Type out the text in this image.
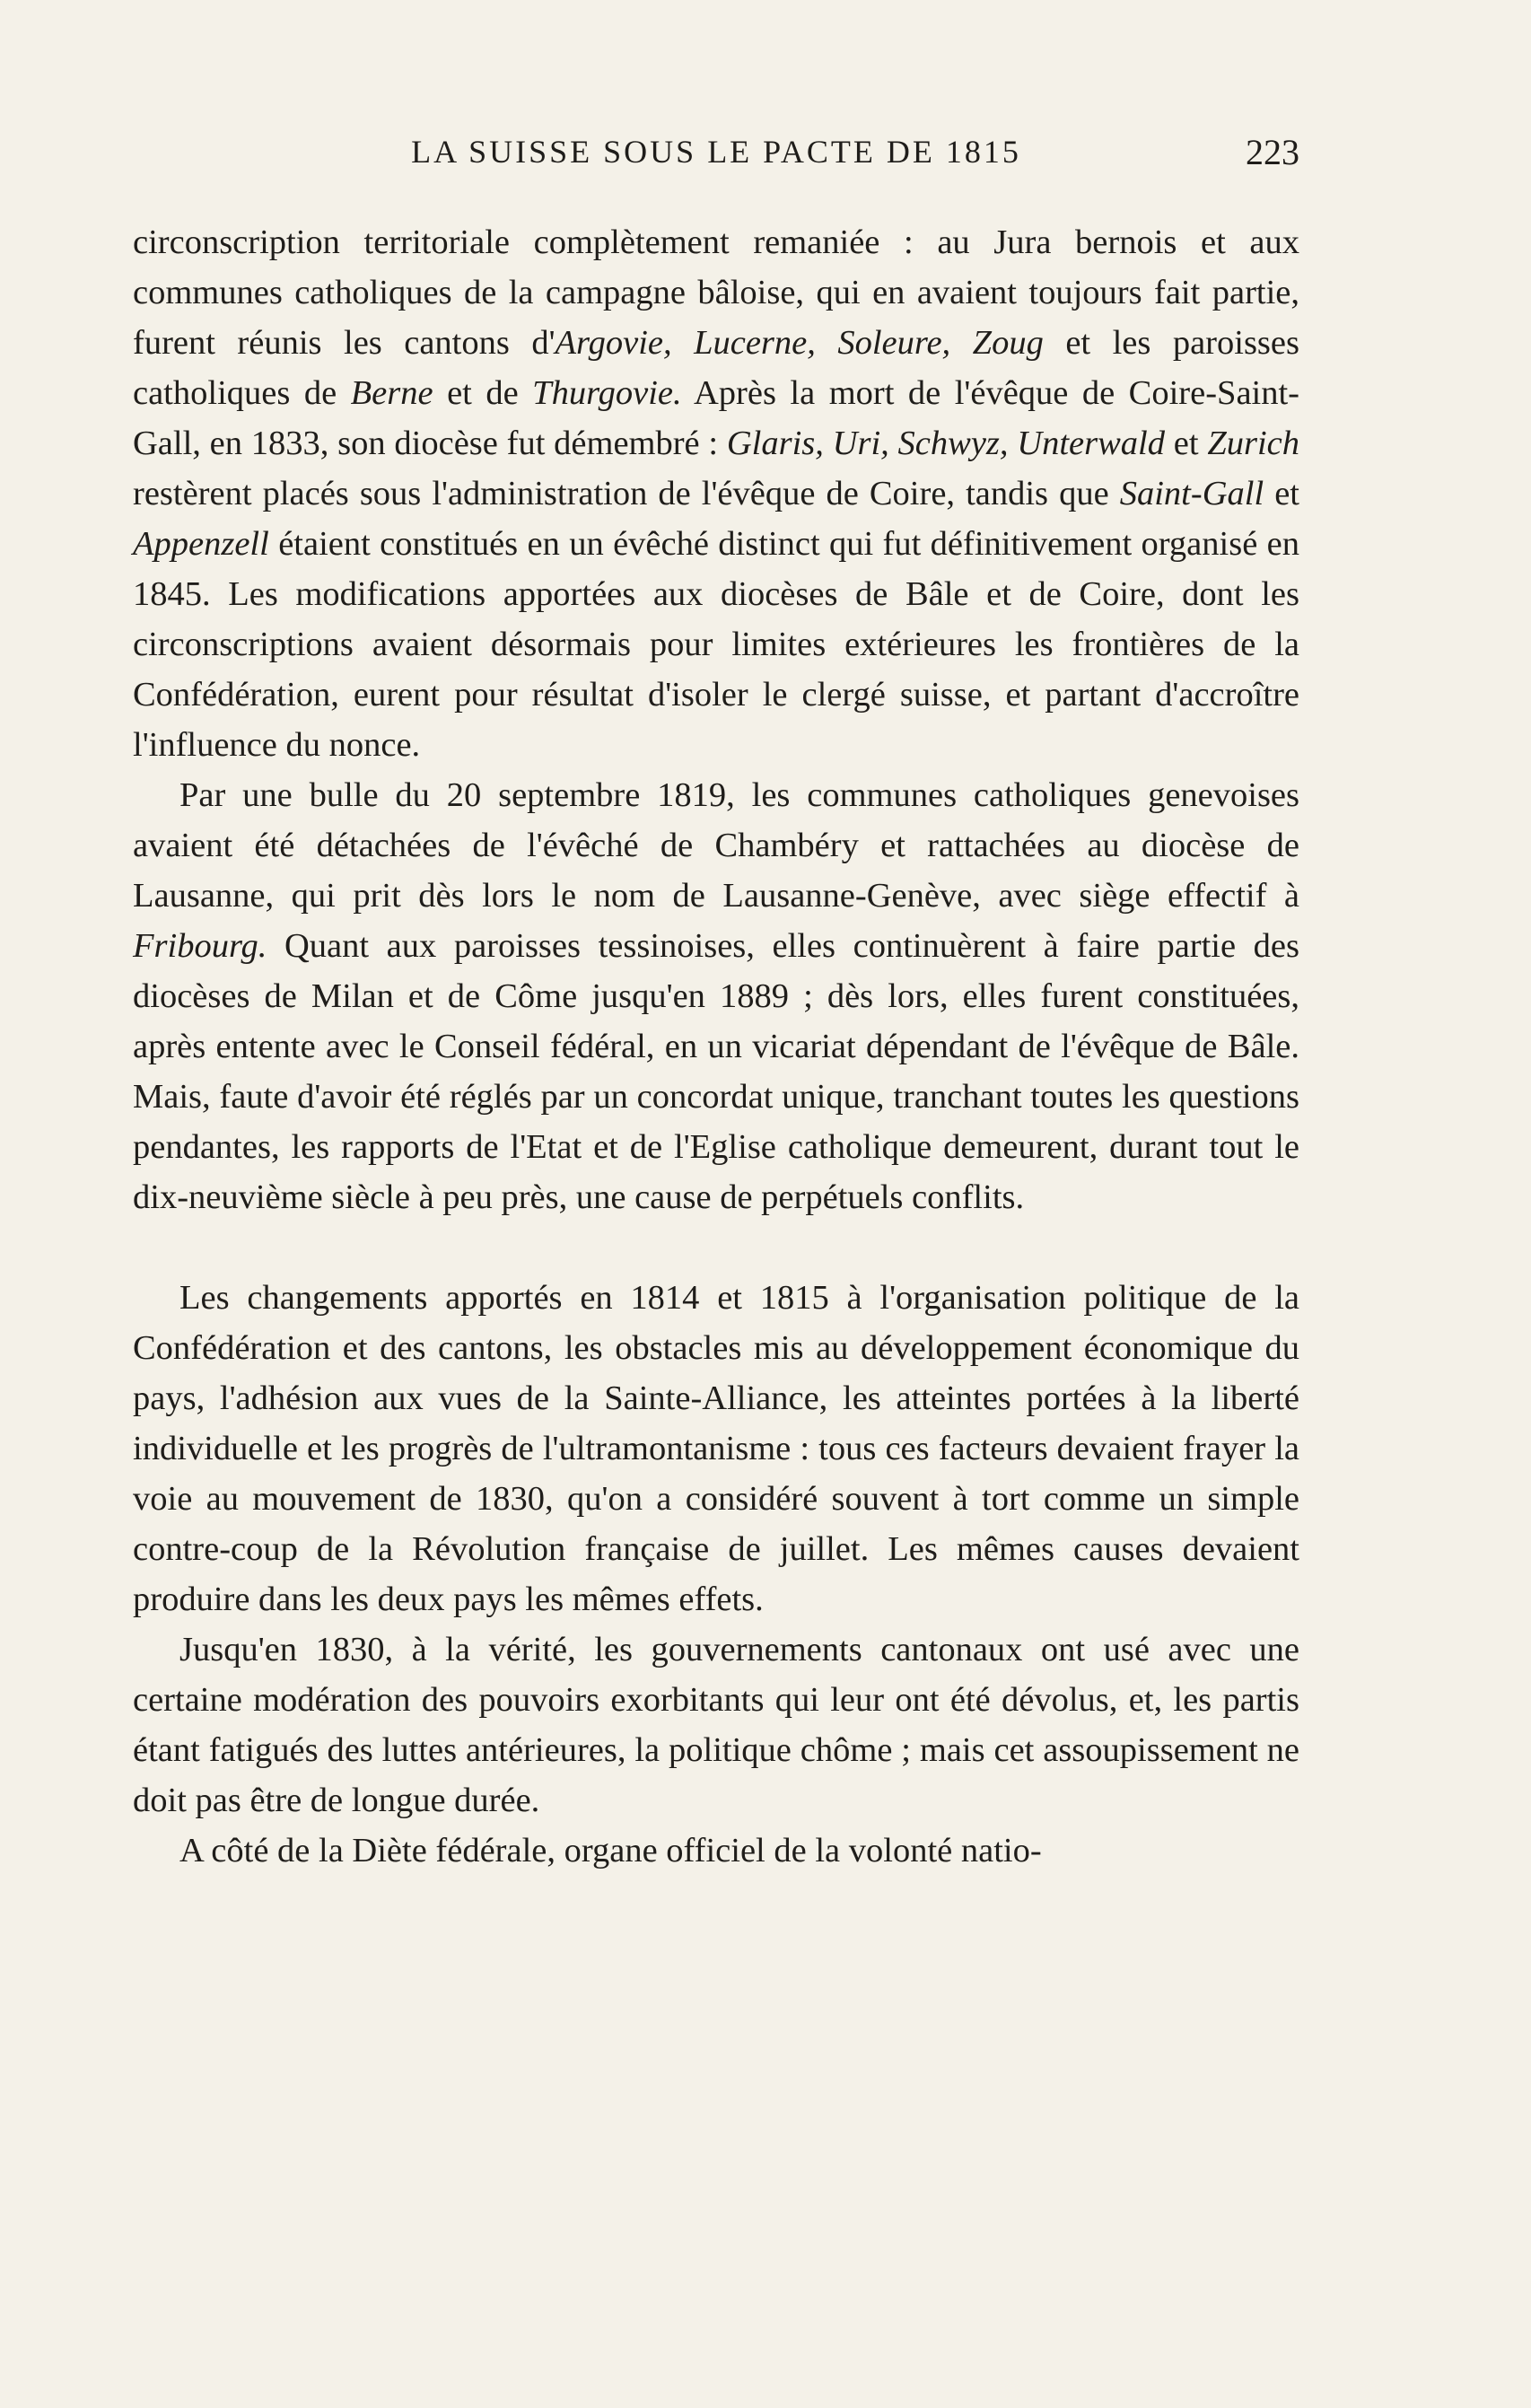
LA SUISSE SOUS LE PACTE DE 1815	223

circonscription territoriale complètement remaniée : au Jura bernois et aux communes catholiques de la campagne bâloise, qui en avaient toujours fait partie, furent réunis les cantons d'Argovie, Lucerne, Soleure, Zoug et les paroisses catholiques de Berne et de Thurgovie. Après la mort de l'évêque de Coire-Saint-Gall, en 1833, son diocèse fut démembré : Glaris, Uri, Schwyz, Unterwald et Zurich restèrent placés sous l'administration de l'évêque de Coire, tandis que Saint-Gall et Appenzell étaient constitués en un évêché distinct qui fut définitivement organisé en 1845. Les modifications apportées aux diocèses de Bâle et de Coire, dont les circonscriptions avaient désormais pour limites extérieures les frontières de la Confédération, eurent pour résultat d'isoler le clergé suisse, et partant d'accroître l'influence du nonce.

Par une bulle du 20 septembre 1819, les communes catholiques genevoises avaient été détachées de l'évêché de Chambéry et rattachées au diocèse de Lausanne, qui prit dès lors le nom de Lausanne-Genève, avec siège effectif à Fribourg. Quant aux paroisses tessinoises, elles continuèrent à faire partie des diocèses de Milan et de Côme jusqu'en 1889 ; dès lors, elles furent constituées, après entente avec le Conseil fédéral, en un vicariat dépendant de l'évêque de Bâle. Mais, faute d'avoir été réglés par un concordat unique, tranchant toutes les questions pendantes, les rapports de l'Etat et de l'Eglise catholique demeurent, durant tout le dix-neuvième siècle à peu près, une cause de perpétuels conflits.

Les changements apportés en 1814 et 1815 à l'organisation politique de la Confédération et des cantons, les obstacles mis au développement économique du pays, l'adhésion aux vues de la Sainte-Alliance, les atteintes portées à la liberté individuelle et les progrès de l'ultramontanisme : tous ces facteurs devaient frayer la voie au mouvement de 1830, qu'on a considéré souvent à tort comme un simple contre-coup de la Révolution française de juillet. Les mêmes causes devaient produire dans les deux pays les mêmes effets.

Jusqu'en 1830, à la vérité, les gouvernements cantonaux ont usé avec une certaine modération des pouvoirs exorbitants qui leur ont été dévolus, et, les partis étant fatigués des luttes antérieures, la politique chôme ; mais cet assoupissement ne doit pas être de longue durée.

A côté de la Diète fédérale, organe officiel de la volonté natio-
